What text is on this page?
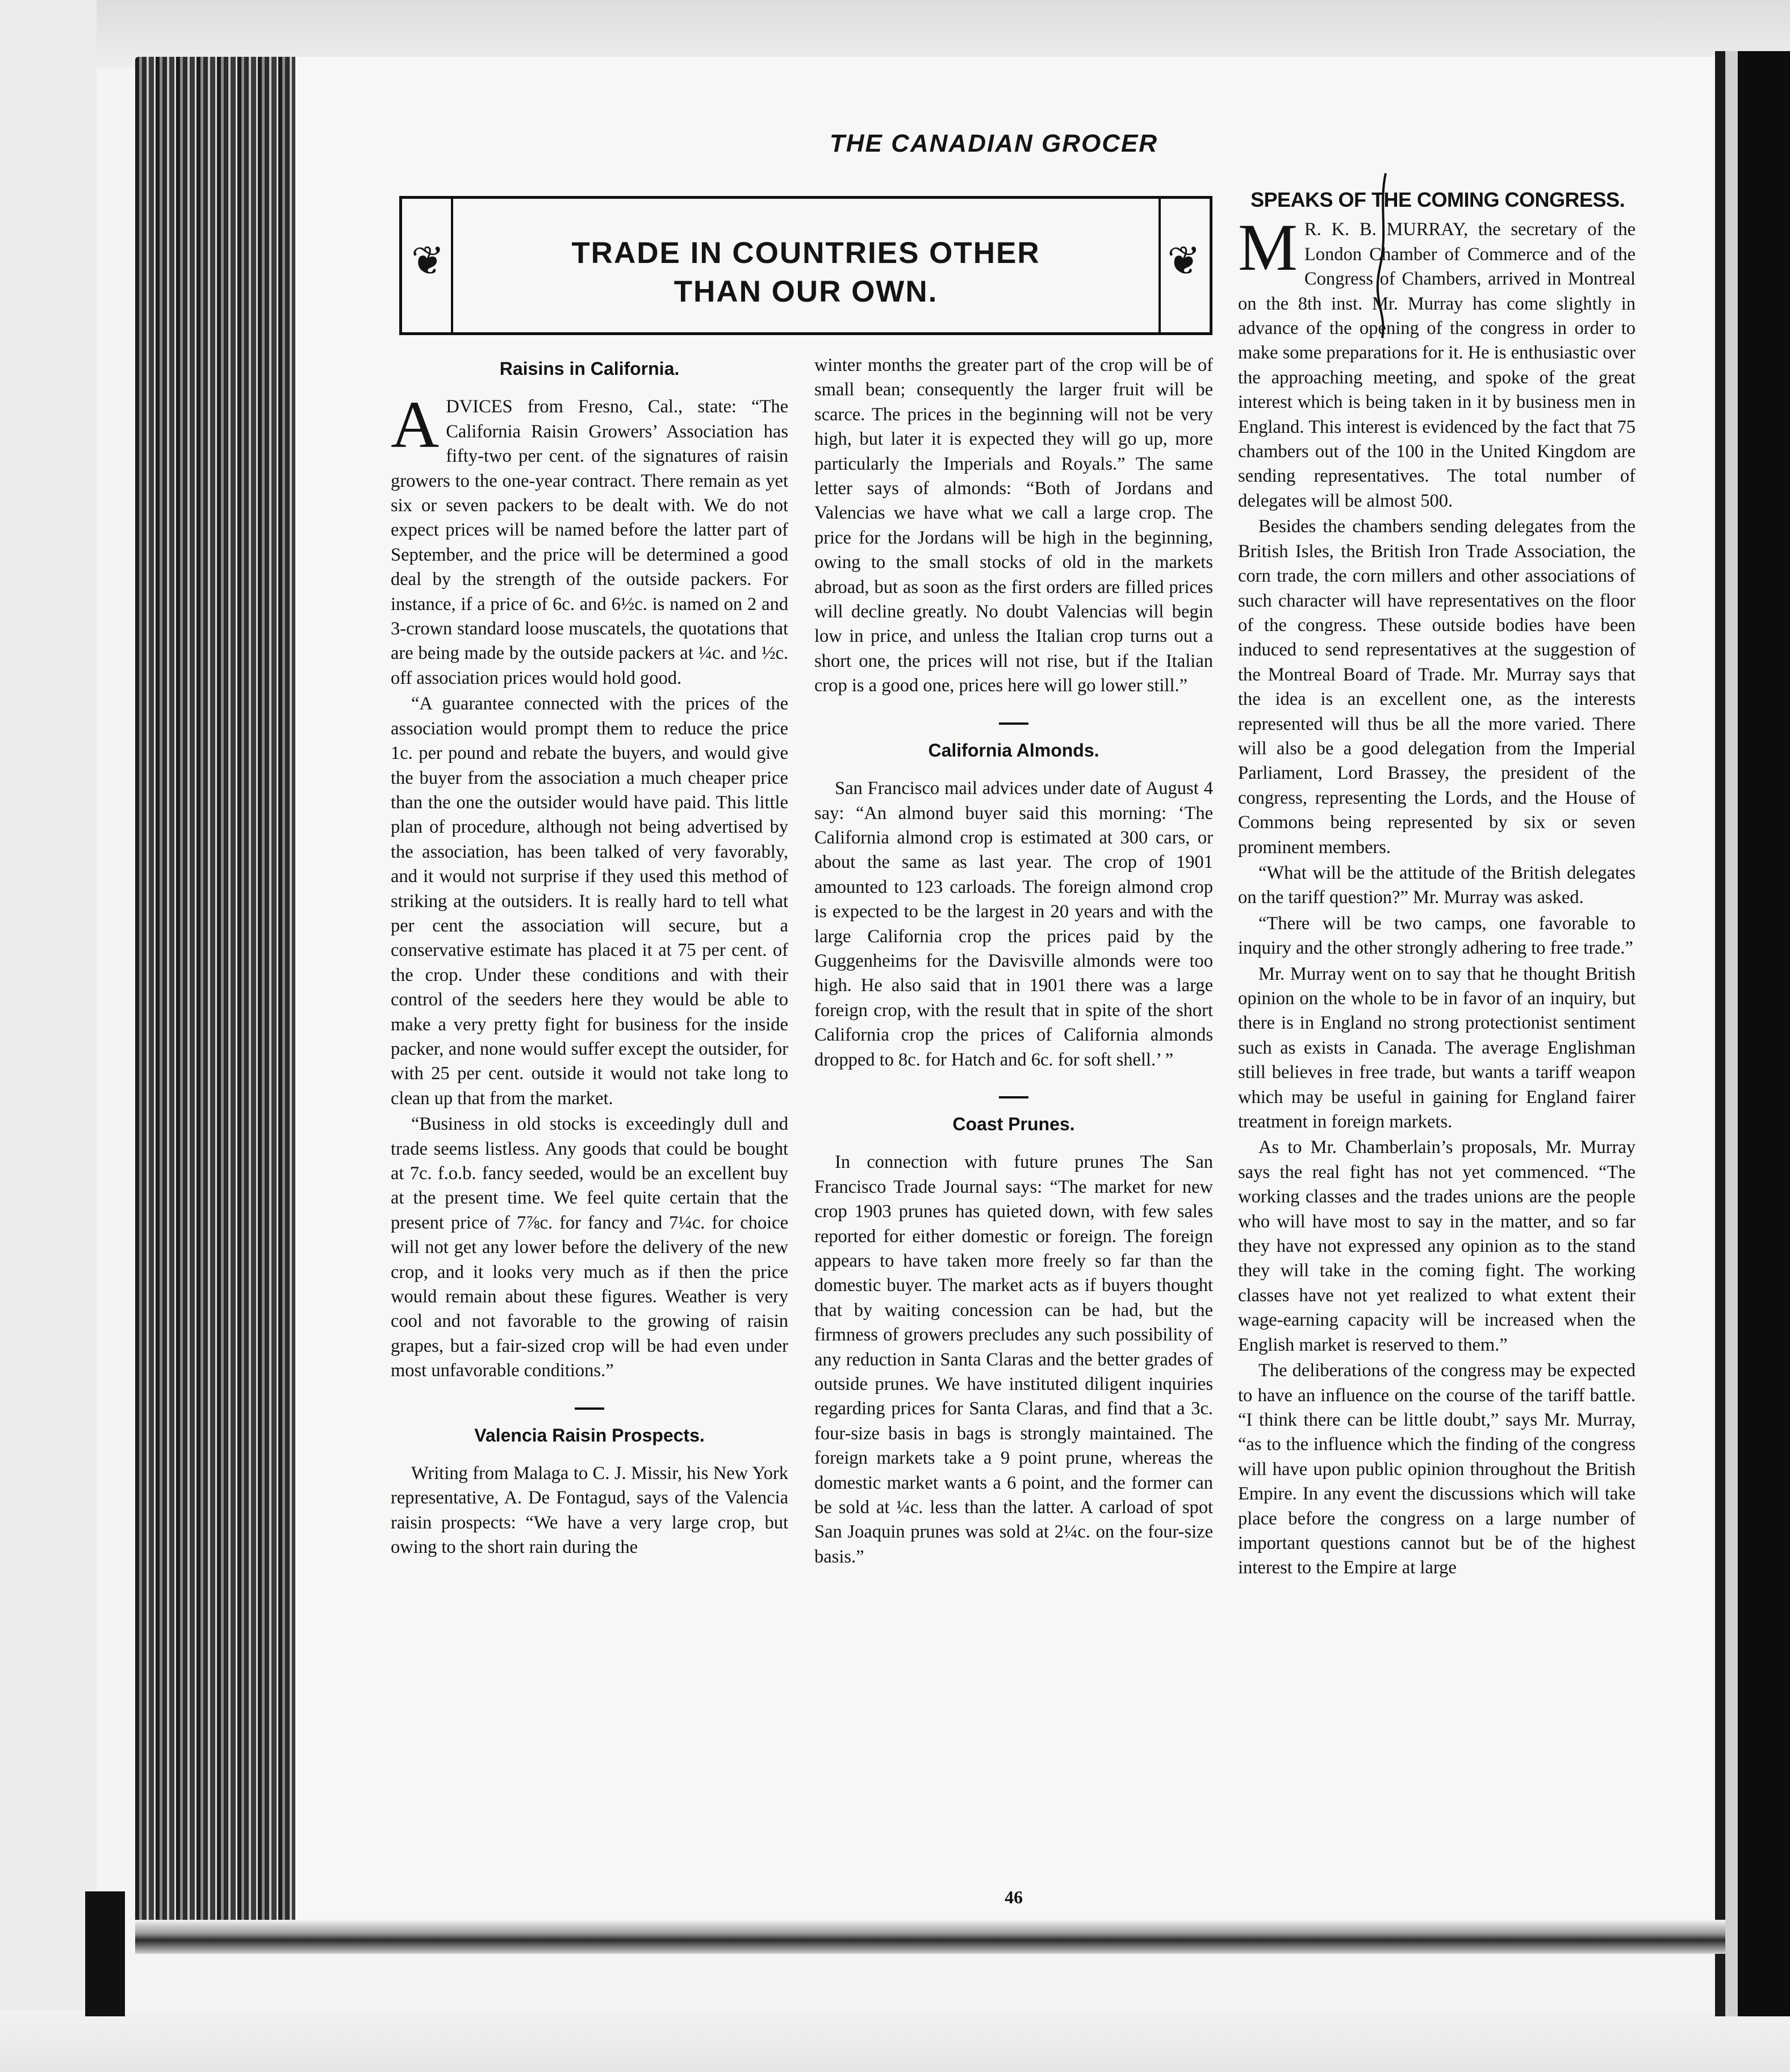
THE CANADIAN GROCER
❦	❦
TRADE IN COUNTRIES OTHER
THAN OUR OWN.
Raisins in California.

ADVICES from Fresno, Cal., state: “The California Raisin Growers’ Association has fifty-two per cent. of the signatures of raisin growers to the one-year contract. There remain as yet six or seven packers to be dealt with. We do not expect prices will be named before the latter part of September, and the price will be determined a good deal by the strength of the outside packers. For instance, if a price of 6c. and 6½c. is named on 2 and 3-crown standard loose muscatels, the quotations that are being made by the outside packers at ¼c. and ½c. off association prices would hold good.

“A guarantee connected with the prices of the association would prompt them to reduce the price 1c. per pound and rebate the buyers, and would give the buyer from the association a much cheaper price than the one the outsider would have paid. This little plan of procedure, although not being advertised by the association, has been talked of very favorably, and it would not surprise if they used this method of striking at the outsiders. It is really hard to tell what per cent the association will secure, but a conservative estimate has placed it at 75 per cent. of the crop. Under these conditions and with their control of the seeders here they would be able to make a very pretty fight for business for the inside packer, and none would suffer except the outsider, for with 25 per cent. outside it would not take long to clean up that from the market.

“Business in old stocks is exceedingly dull and trade seems listless. Any goods that could be bought at 7c. f.o.b. fancy seeded, would be an excellent buy at the present time. We feel quite certain that the present price of 7⅞c. for fancy and 7¼c. for choice will not get any lower before the delivery of the new crop, and it looks very much as if then the price would remain about these figures. Weather is very cool and not favorable to the growing of raisin grapes, but a fair-sized crop will be had even under most unfavorable conditions.”

Valencia Raisin Prospects.

Writing from Malaga to C. J. Missir, his New York representative, A. De Fontagud, says of the Valencia raisin prospects: “We have a very large crop, but owing to the short rain during the

winter months the greater part of the crop will be of small bean; consequently the larger fruit will be scarce. The prices in the beginning will not be very high, but later it is expected they will go up, more particularly the Imperials and Royals.” The same letter says of almonds: “Both of Jordans and Valencias we have what we call a large crop. The price for the Jordans will be high in the beginning, owing to the small stocks of old in the markets abroad, but as soon as the first orders are filled prices will decline greatly. No doubt Valencias will begin low in price, and unless the Italian crop turns out a short one, the prices will not rise, but if the Italian crop is a good one, prices here will go lower still.”

California Almonds.

San Francisco mail advices under date of August 4 say: “An almond buyer said this morning: ‘The California almond crop is estimated at 300 cars, or about the same as last year. The crop of 1901 amounted to 123 carloads. The foreign almond crop is expected to be the largest in 20 years and with the large California crop the prices paid by the Guggenheims for the Davisville almonds were too high. He also said that in 1901 there was a large foreign crop, with the result that in spite of the short California crop the prices of California almonds dropped to 8c. for Hatch and 6c. for soft shell.’ ”

Coast Prunes.

In connection with future prunes The San Francisco Trade Journal says: “The market for new crop 1903 prunes has quieted down, with few sales reported for either domestic or foreign. The foreign appears to have taken more freely so far than the domestic buyer. The market acts as if buyers thought that by waiting concession can be had, but the firmness of growers precludes any such possibility of any reduction in Santa Claras and the better grades of outside prunes. We have instituted diligent inquiries regarding prices for Santa Claras, and find that a 3c. four-size basis in bags is strongly maintained. The foreign markets take a 9 point prune, whereas the domestic market wants a 6 point, and the former can be sold at ¼c. less than the latter. A carload of spot San Joaquin prunes was sold at 2¼c. on the four-size basis.”

SPEAKS OF THE COMING CONGRESS.

M R. K. B. MURRAY, the secretary of the London Chamber of Commerce and of the Congress of Chambers, arrived in Montreal on the 8th inst. Mr. Murray has come slightly in advance of the opening of the congress in order to make some preparations for it. He is enthusiastic over the approaching meeting, and spoke of the great interest which is being taken in it by business men in England. This interest is evidenced by the fact that 75 chambers out of the 100 in the United Kingdom are sending representatives. The total number of delegates will be almost 500.

Besides the chambers sending delegates from the British Isles, the British Iron Trade Association, the corn trade, the corn millers and other associations of such character will have representatives on the floor of the congress. These outside bodies have been induced to send representatives at the suggestion of the Montreal Board of Trade. Mr. Murray says that the idea is an excellent one, as the interests represented will thus be all the more varied. There will also be a good delegation from the Imperial Parliament, Lord Brassey, the president of the congress, representing the Lords, and the House of Commons being represented by six or seven prominent members.

“What will be the attitude of the British delegates on the tariff question?” Mr. Murray was asked.

“There will be two camps, one favorable to inquiry and the other strongly adhering to free trade.”

Mr. Murray went on to say that he thought British opinion on the whole to be in favor of an inquiry, but there is in England no strong protectionist sentiment such as exists in Canada. The average Englishman still believes in free trade, but wants a tariff weapon which may be useful in gaining for England fairer treatment in foreign markets.

As to Mr. Chamberlain’s proposals, Mr. Murray says the real fight has not yet commenced. “The working classes and the trades unions are the people who will have most to say in the matter, and so far they have not expressed any opinion as to the stand they will take in the coming fight. The working classes have not yet realized to what extent their wage-earning capacity will be increased when the English market is reserved to them.”

The deliberations of the congress may be expected to have an influence on the course of the tariff battle. “I think there can be little doubt,” says Mr. Murray, “as to the influence which the finding of the congress will have upon public opinion throughout the British Empire. In any event the discussions which will take place before the congress on a large number of important questions cannot but be of the highest interest to the Empire at large

46
